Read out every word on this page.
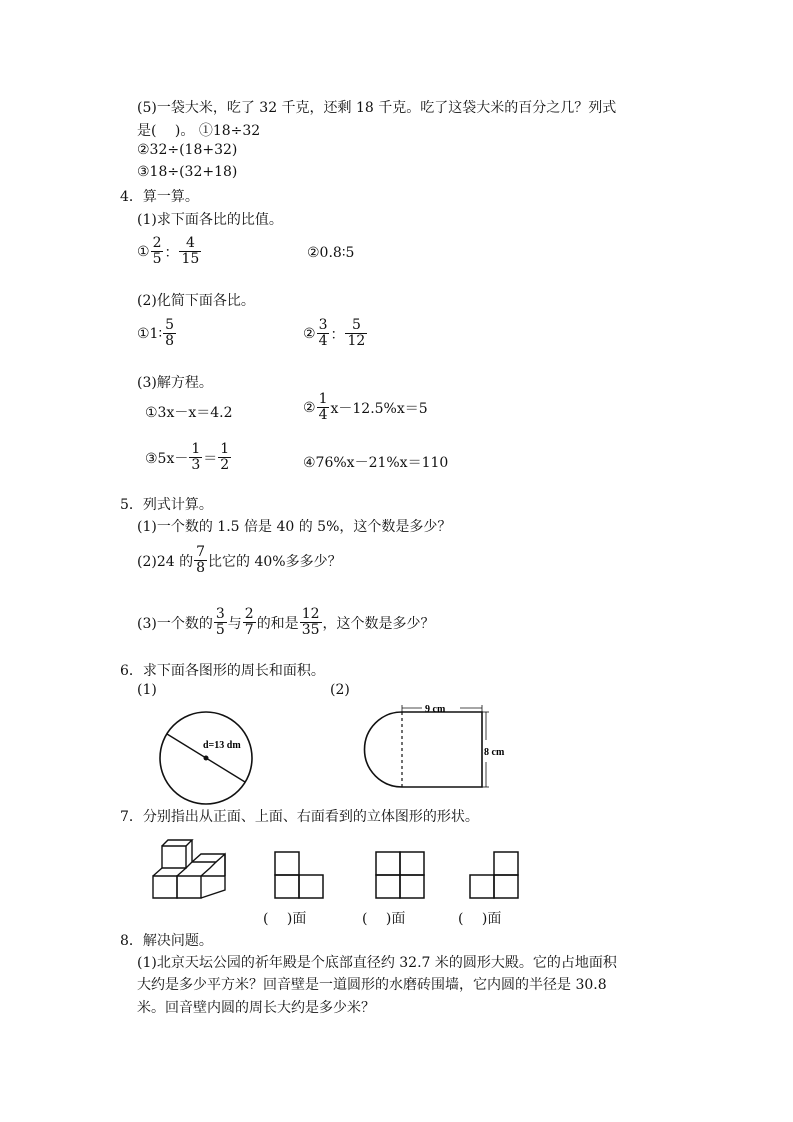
(5)一袋大米，吃了 32 千克，还剩 18 千克。吃了这袋大米的百分之几？列式
是(　 )。 ①18÷32
②32÷(18+32)
③18÷(32+18)
4．算一算。
(1)求下面各比的比值。
① $\frac{2}{5}$ ： $\frac{4}{15}$	②0.8∶5
(2)化简下面各比。
①1∶ $\frac{5}{8}$	② $\frac{3}{4}$ ： $\frac{5}{12}$
(3)解方程。
①3x－x＝4.2	② $\frac{1}{4} x-12.5\%x=5$
③5x－ $\frac{1}{3} = \frac{1}{2}$	④76%x－21%x＝110
5．列式计算。
(1)一个数的 1.5 倍是 40 的 5%，这个数是多少？
(2)24 的 $\frac{7}{8}$ 比它的 40%多多少？
(3)一个数的 $\frac{3}{5}$ 与 $\frac{2}{7}$ 的和是 $\frac{12}{35}$ ，这个数是多少？
6．求下面各图形的周长和面积。
(1)	(2)
d=13 dm
9 cm
8 cm
7．分别指出从正面、上面、右面看到的立体图形的形状。
(　 )面	(　 )面	(　 )面
8．解决问题。
(1)北京天坛公园的祈年殿是个底部直径约 32.7 米的圆形大殿。它的占地面积
大约是多少平方米？回音壁是一道圆形的水磨砖围墙，它内圆的半径是 30.8
米。回音壁内圆的周长大约是多少米？
